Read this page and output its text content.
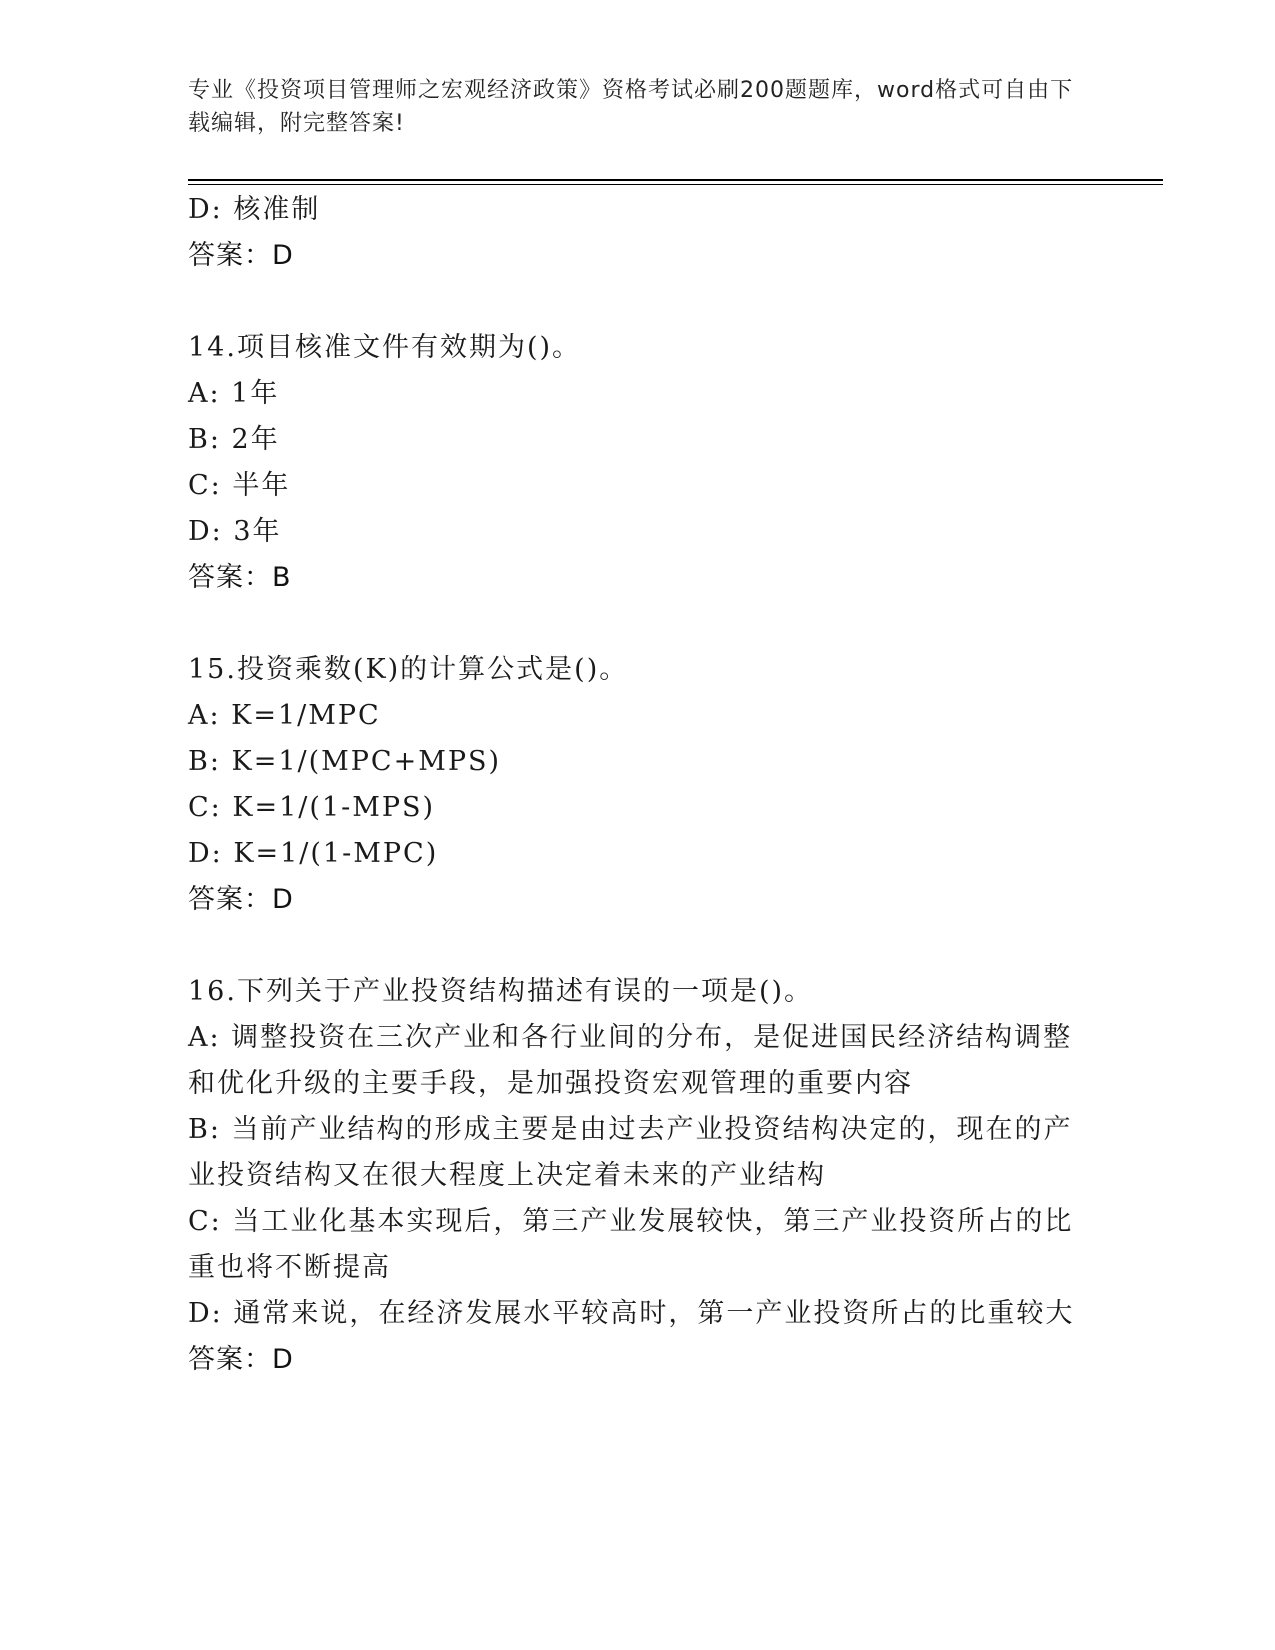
专业《投资项目管理师之宏观经济政策》资格考试必刷200题题库，word格式可自由下载编辑，附完整答案!
D: 核准制
答案：D
14.项目核准文件有效期为()。
A: 1年
B: 2年
C: 半年
D: 3年
答案：B
15.投资乘数(K)的计算公式是()。
A: K=1/MPC
B: K=1/(MPC+MPS)
C: K=1/(1-MPS)
D: K=1/(1-MPC)
答案：D
16.下列关于产业投资结构描述有误的一项是()。
A: 调整投资在三次产业和各行业间的分布，是促进国民经济结构调整和优化升级的主要手段，是加强投资宏观管理的重要内容
B: 当前产业结构的形成主要是由过去产业投资结构决定的，现在的产业投资结构又在很大程度上决定着未来的产业结构
C: 当工业化基本实现后，第三产业发展较快，第三产业投资所占的比重也将不断提高
D: 通常来说，在经济发展水平较高时，第一产业投资所占的比重较大
答案：D
